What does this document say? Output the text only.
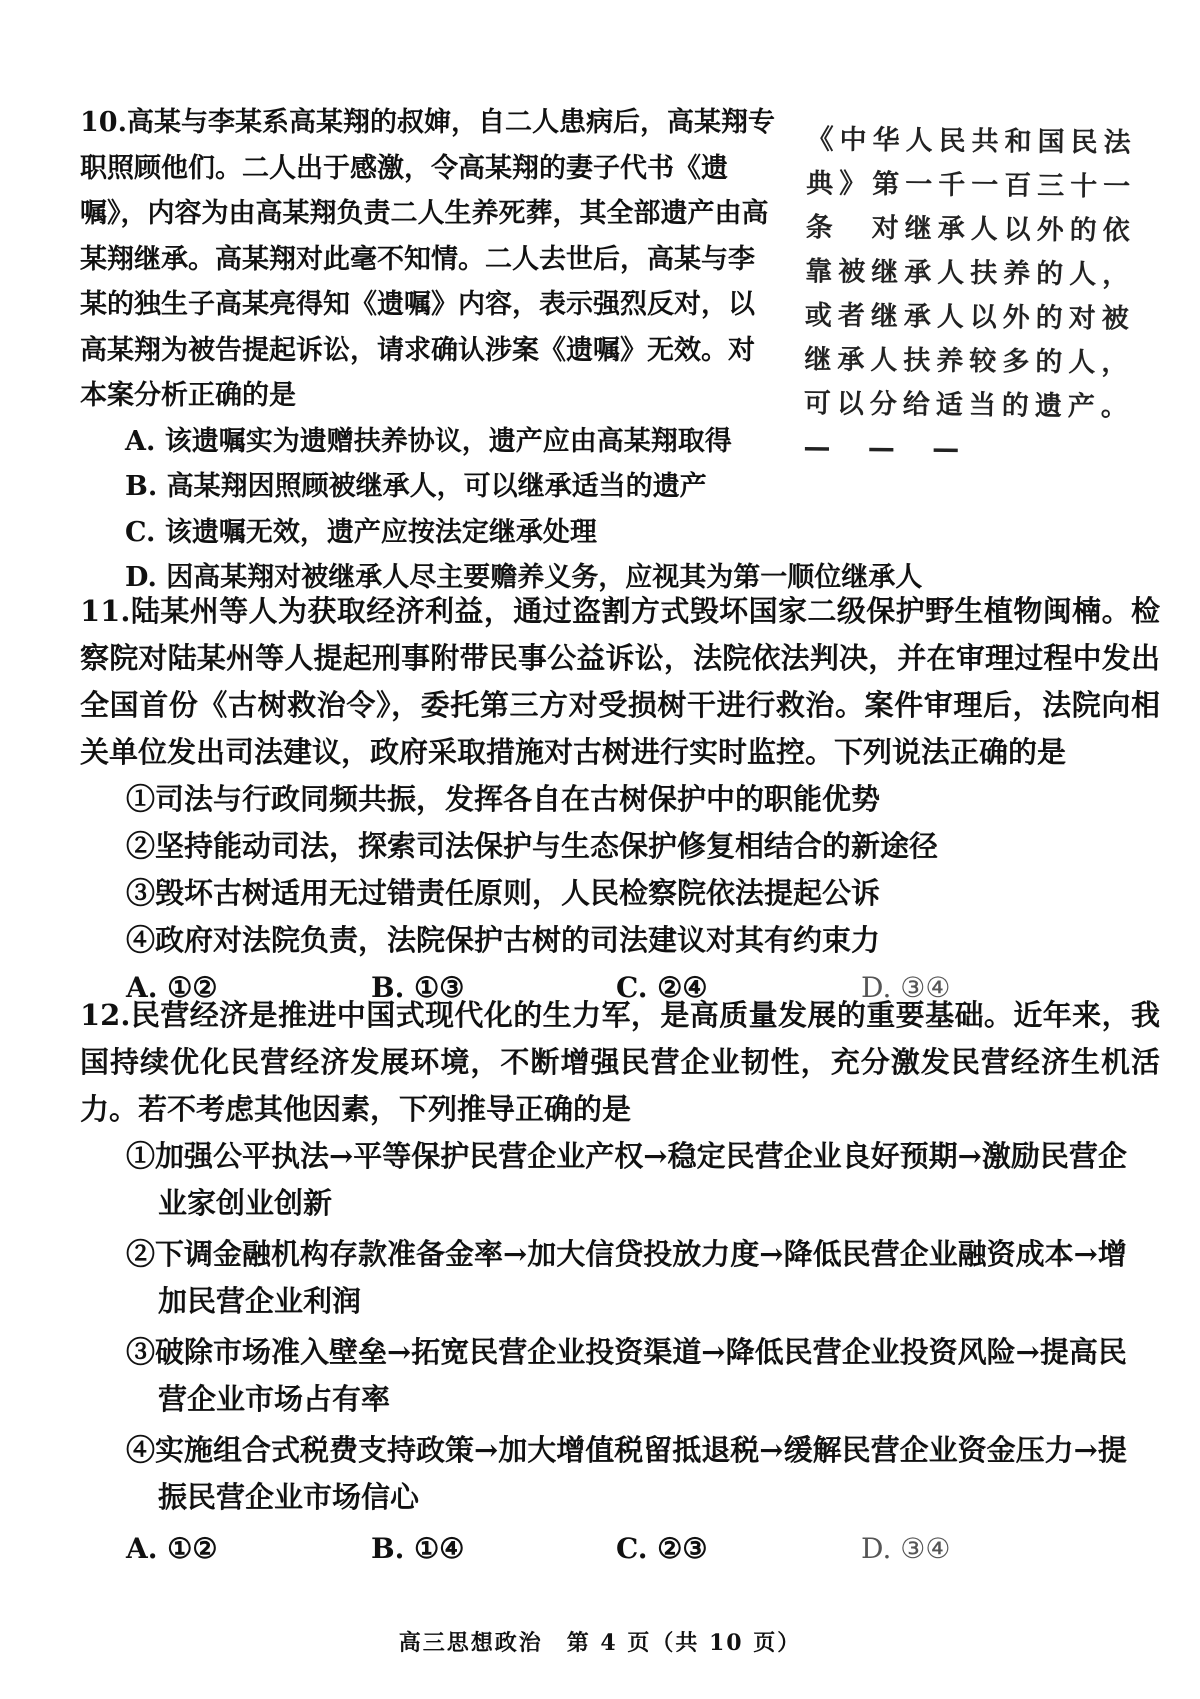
10.高某与李某系高某翔的叔婶，自二人患病后，高某翔专职照顾他们。二人出于感激，令高某翔的妻子代书《遗嘱》，内容为由高某翔负责二人生养死葬，其全部遗产由高某翔继承。高某翔对此毫不知情。二人去世后，高某与李某的独生子高某亮得知《遗嘱》内容，表示强烈反对，以高某翔为被告提起诉讼，请求确认涉案《遗嘱》无效。对本案分析正确的是
A. 该遗嘱实为遗赠扶养协议，遗产应由高某翔取得
B. 高某翔因照顾被继承人，可以继承适当的遗产
C. 该遗嘱无效，遗产应按法定继承处理
D. 因高某翔对被继承人尽主要赡养义务，应视其为第一顺位继承人
《中华人民共和国民法典》第一千一百三十一条　对继承人以外的依靠被继承人扶养的人，或者继承人以外的对被继承人扶养较多的人，可以分给适当的遗产。
— — —
11.陆某州等人为获取经济利益，通过盗割方式毁坏国家二级保护野生植物闽楠。检察院对陆某州等人提起刑事附带民事公益诉讼，法院依法判决，并在审理过程中发出全国首份《古树救治令》，委托第三方对受损树干进行救治。案件审理后，法院向相关单位发出司法建议，政府采取措施对古树进行实时监控。下列说法正确的是
①司法与行政同频共振，发挥各自在古树保护中的职能优势
②坚持能动司法，探索司法保护与生态保护修复相结合的新途径
③毁坏古树适用无过错责任原则，人民检察院依法提起公诉
④政府对法院负责，法院保护古树的司法建议对其有约束力
A. ①②	B. ①③	C. ②④	D. ③④
12.民营经济是推进中国式现代化的生力军，是高质量发展的重要基础。近年来，我国持续优化民营经济发展环境，不断增强民营企业韧性，充分激发民营经济生机活力。若不考虑其他因素，下列推导正确的是
①加强公平执法→平等保护民营企业产权→稳定民营企业良好预期→激励民营企
业家创业创新
②下调金融机构存款准备金率→加大信贷投放力度→降低民营企业融资成本→增
加民营企业利润
③破除市场准入壁垒→拓宽民营企业投资渠道→降低民营企业投资风险→提高民
营企业市场占有率
④实施组合式税费支持政策→加大增值税留抵退税→缓解民营企业资金压力→提
振民营企业市场信心
A. ①②	B. ①④	C. ②③	D. ③④
高三思想政治　第 4 页（共 10 页）
